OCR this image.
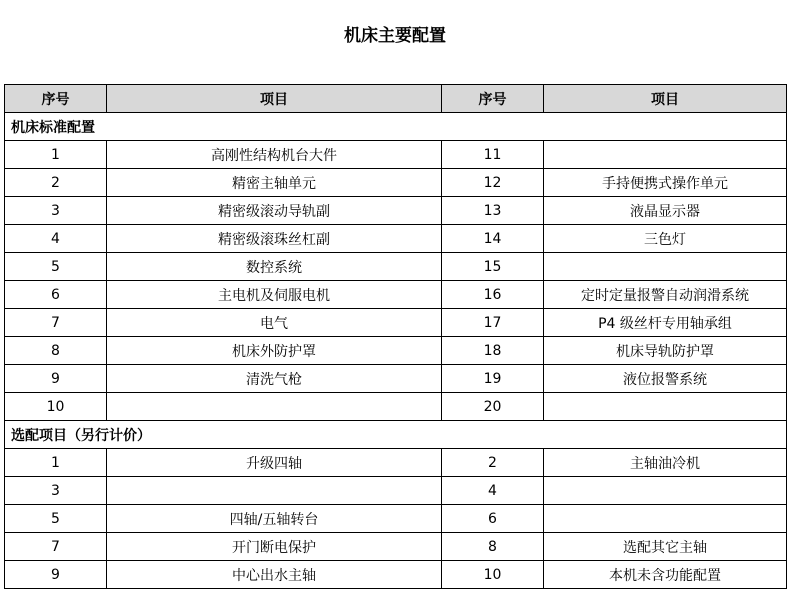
机床主要配置
序号	项目	序号	项目
机床标准配置			
1	高刚性结构机台大件	11	
2	精密主轴单元	12	手持便携式操作单元
3	精密级滚动导轨副	13	液晶显示器
4	精密级滚珠丝杠副	14	三色灯
5	数控系统	15	
6	主电机及伺服电机	16	定时定量报警自动润滑系统
7	电气	17	P4 级丝杆专用轴承组
8	机床外防护罩	18	机床导轨防护罩
9	清洗气枪	19	液位报警系统
10		20	
选配项目（另行计价）			
1	升级四轴	2	主轴油冷机
3		4	
5	四轴/五轴转台	6	
7	开门断电保护	8	选配其它主轴
9	中心出水主轴	10	本机未含功能配置
